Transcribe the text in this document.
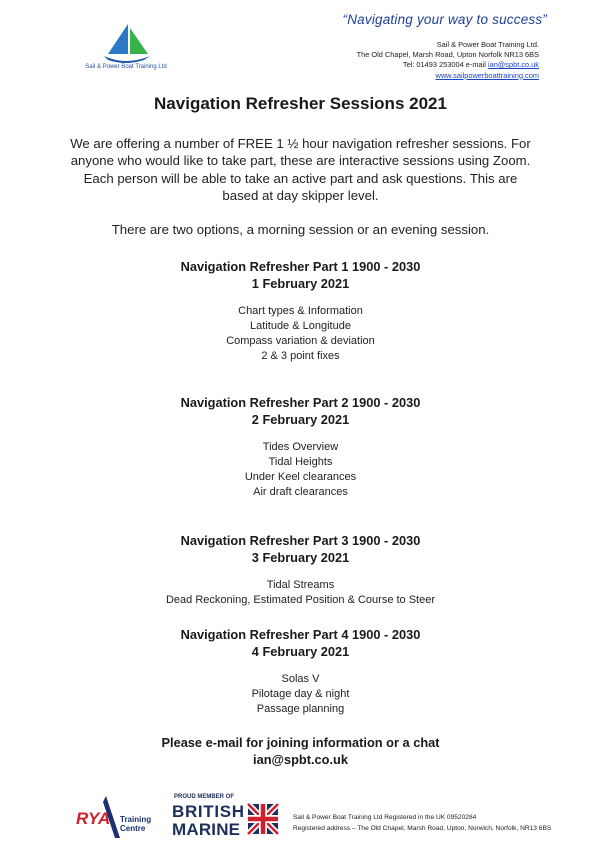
Sail & Power Boat Training Ltd
“Navigating your way to success”
Sail & Power Boat Training Ltd.
The Old Chapel, Marsh Road, Upton Norfolk NR13 6BS
Tel: 01493 253004 e-mail ian@spbt.co.uk
www.sailpowerboattraining.com
Navigation Refresher Sessions 2021
We are offering a number of FREE 1 ½ hour navigation refresher sessions. For anyone who would like to take part, these are interactive sessions using Zoom. Each person will be able to take an active part and ask questions. This are based at day skipper level.
There are two options, a morning session or an evening session.
Navigation Refresher Part 1 1900 - 2030
1 February 2021
Chart types & Information
Latitude & Longitude
Compass variation & deviation
2 & 3 point fixes
Navigation Refresher Part 2 1900 - 2030
2 February 2021
Tides Overview
Tidal Heights
Under Keel clearances
Air draft clearances
Navigation Refresher Part 3 1900 - 2030
3 February 2021
Tidal Streams
Dead Reckoning, Estimated Position & Course to Steer
Navigation Refresher Part 4 1900 - 2030
4 February 2021
Solas V
Pilotage day & night
Passage planning
Please e-mail for joining information or a chat
ian@spbt.co.uk
RYA Training
Centre
PROUD MEMBER OF
BRITISH
MARINE
Sail & Power Boat Training Ltd Registered in the UK 09520284
Registered address – The Old Chapel, Marsh Road, Upton, Norwich, Norfolk, NR13 6BS
